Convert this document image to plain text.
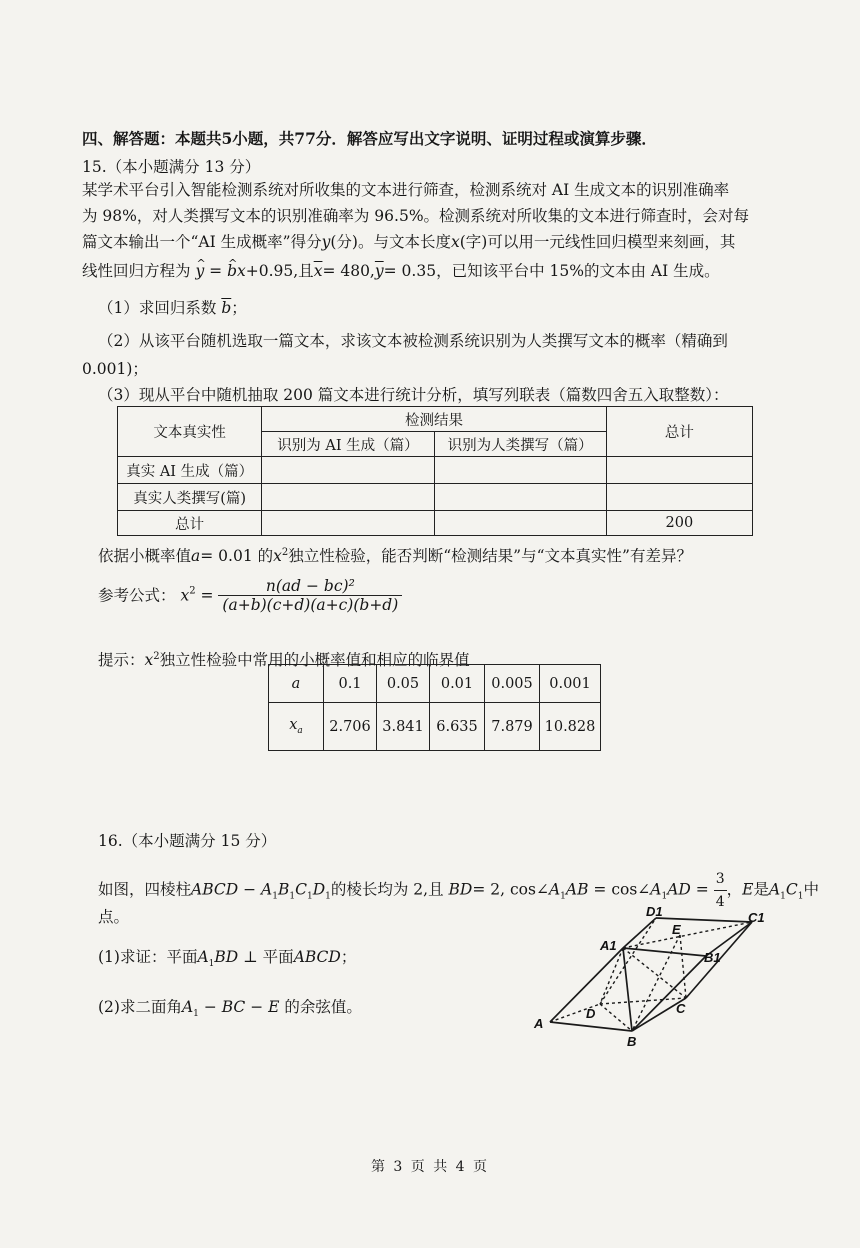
四、解答题：本题共5小题，共77分．解答应写出文字说明、证明过程或演算步骤．
15.（本小题满分 13 分）
某学术平台引入智能检测系统对所收集的文本进行筛查，检测系统对 AI 生成文本的识别准确率
为 98%，对人类撰写文本的识别准确率为 96.5%。检测系统对所收集的文本进行筛查时，会对每
篇文本输出一个“AI 生成概率”得分y(分)。与文本长度x(字)可以用一元线性回归模型来刻画，其
线性回归方程为 ^ y = ^ bx+0.95,且$\overline{x}= 480,\overline{y}= 0.35$，已知该平台中 15%的文本由 AI 生成。
（1）求回归系数 $\overline{b}$；
（2）从该平台随机选取一篇文本，求该文本被检测系统识别为人类撰写文本的概率（精确到
0.001)；
（3）现从平台中随机抽取 200 篇文本进行统计分析，填写列联表（篇数四舍五入取整数）：
文本真实性	检测结果		总计
	识别为 AI 生成（篇）	识别为人类撰写（篇）	
真实 AI 生成（篇）			
真实人类撰写(篇)			
总计			200
依据小概率值a= 0.01 的$x^2$独立性检验，能否判断“检测结果”与“文本真实性”有差异？
参考公式： $x^2 = \frac{\text{n(ad − bc)²}}{(a+b)(c+d)(a+c)(b+d)}$
提示：$x^2$独立性检验中常用的小概率值和相应的临界值
a	0.1	0.05	0.01	0.005	0.001
$x_a$	2.706	3.841	6.635	7.879	10.828
16.（本小题满分 15 分）
如图，四棱柱ABCD − $A_1B_1C_1D_1$的棱长均为 2,且 BD= 2, $\cos\angle A_1AB$ = $\cos\angle A_1AD = \frac{3}{4}$ ，E是$A_1C_1$中
点。
(1)求证：平面$A_1BD$ ⊥ 平面ABCD；
(2)求二面角$A_1$ − BC − E 的余弦值。
A
B
C
D
A1
B1
C1
D1
E
第 3 页 共 4 页
